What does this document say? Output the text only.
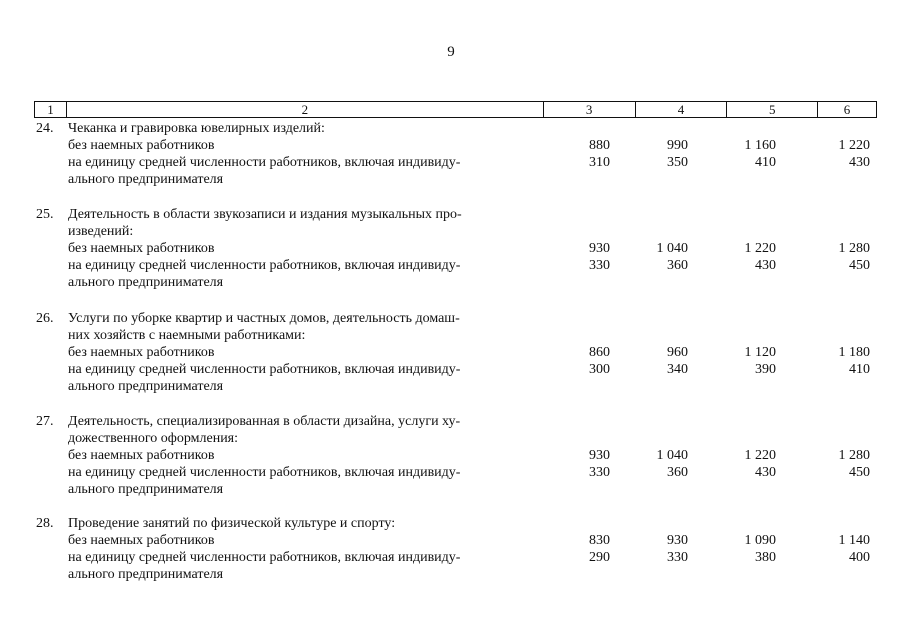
9
1	2	3	4	5	6
24. Чеканка и гравировка ювелирных изделий:
без наемных работников	880	990	1 160	1 220
на единицу средней численности работников, включая индивиду-	310	350	410	430
ального предпринимателя
25. Деятельность в области звукозаписи и издания музыкальных про-
изведений:
без наемных работников	930	1 040	1 220	1 280
на единицу средней численности работников, включая индивиду-	330	360	430	450
ального предпринимателя
26. Услуги по уборке квартир и частных домов, деятельность домаш-
них хозяйств с наемными работниками:
без наемных работников	860	960	1 120	1 180
на единицу средней численности работников, включая индивиду-	300	340	390	410
ального предпринимателя
27. Деятельность, специализированная в области дизайна, услуги ху-
дожественного оформления:
без наемных работников	930	1 040	1 220	1 280
на единицу средней численности работников, включая индивиду-	330	360	430	450
ального предпринимателя
28. Проведение занятий по физической культуре и спорту:
без наемных работников	830	930	1 090	1 140
на единицу средней численности работников, включая индивиду-	290	330	380	400
ального предпринимателя
